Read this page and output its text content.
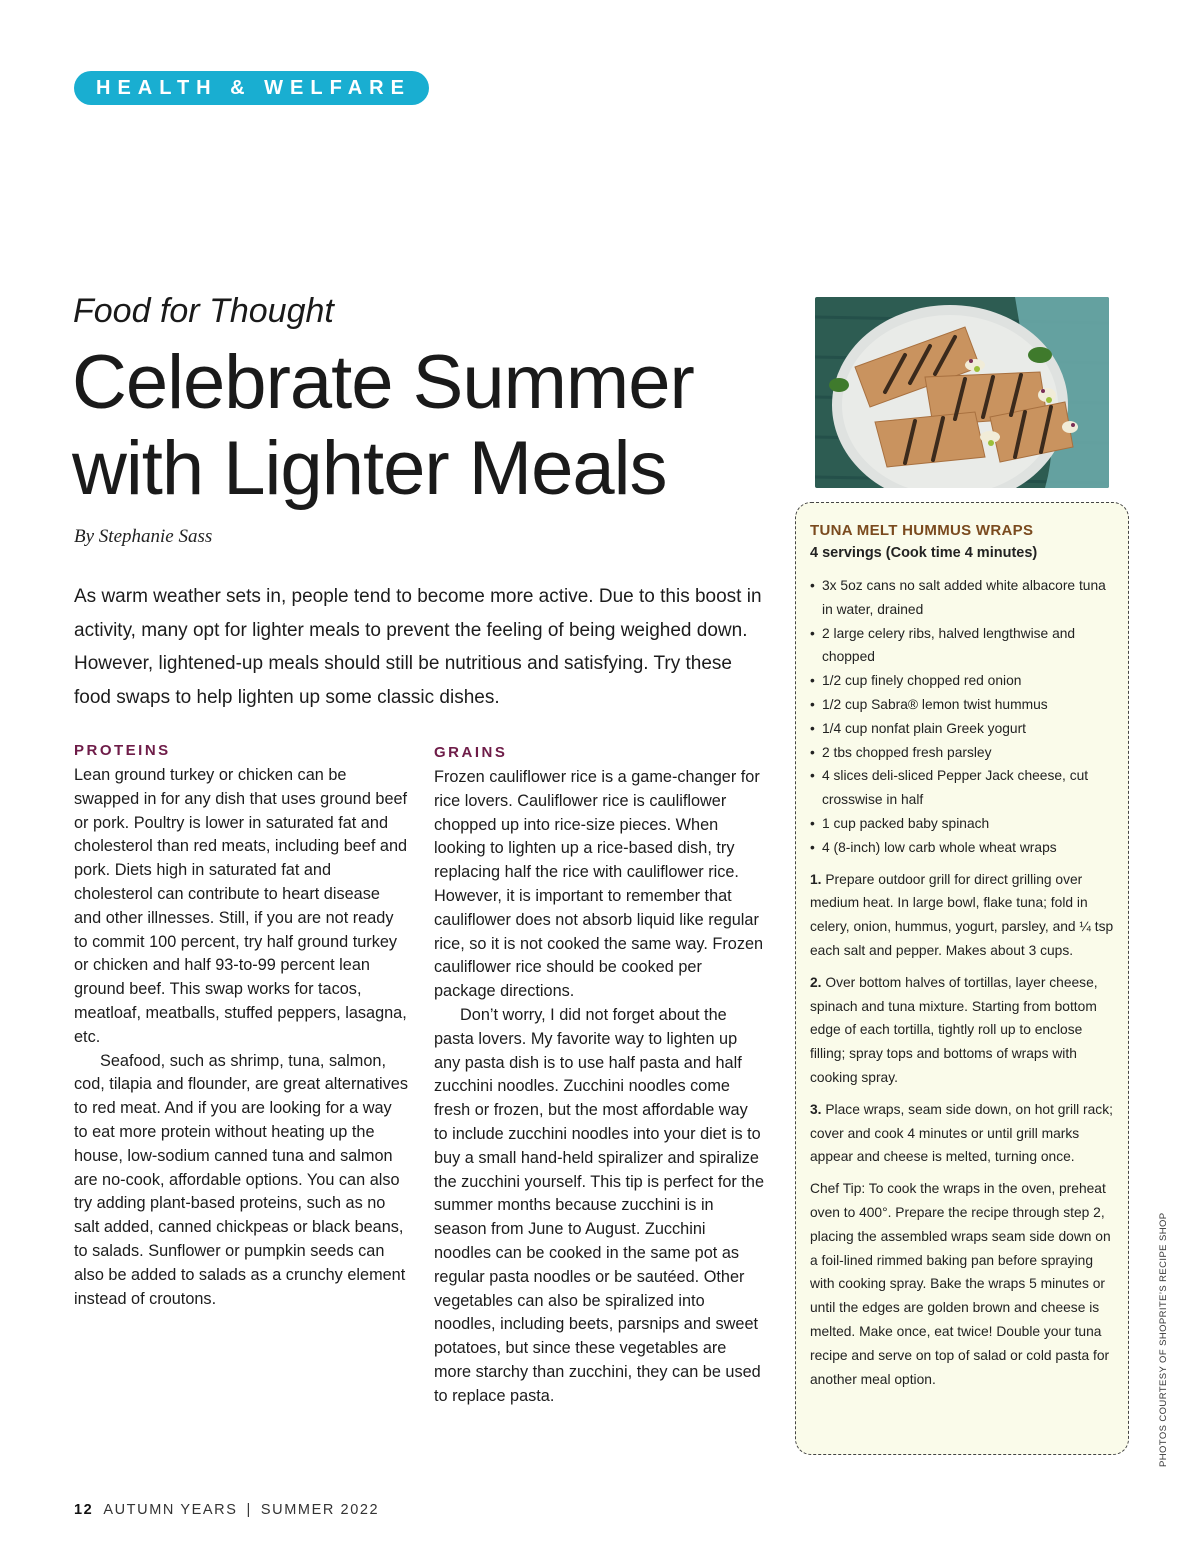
HEALTH & WELFARE
Food for Thought
Celebrate Summer with Lighter Meals
By Stephanie Sass

As warm weather sets in, people tend to become more active. Due to this boost in activity, many opt for lighter meals to prevent the feeling of being weighed down. However, lightened-up meals should still be nutritious and satisfying. Try these food swaps to help lighten up some classic dishes.

PROTEINS

Lean ground turkey or chicken can be swapped in for any dish that uses ground beef or pork. Poultry is lower in saturated fat and cholesterol than red meats, including beef and pork. Diets high in saturated fat and cholesterol can contribute to heart disease and other illnesses. Still, if you are not ready to commit 100 percent, try half ground turkey or chicken and half 93-to-99 percent lean ground beef. This swap works for tacos, meatloaf, meatballs, stuffed peppers, lasagna, etc.

Seafood, such as shrimp, tuna, salmon, cod, tilapia and flounder, are great alternatives to red meat. And if you are looking for a way to eat more protein without heating up the house, low-sodium canned tuna and salmon are no-cook, affordable options. You can also try adding plant-based proteins, such as no salt added, canned chickpeas or black beans, to salads. Sunflower or pumpkin seeds can also be added to salads as a crunchy element instead of croutons.

GRAINS

Frozen cauliflower rice is a game-changer for rice lovers. Cauliflower rice is cauliflower chopped up into rice-size pieces. When looking to lighten up a rice-based dish, try replacing half the rice with cauliflower rice. However, it is important to remember that cauliflower does not absorb liquid like regular rice, so it is not cooked the same way. Frozen cauliflower rice should be cooked per package directions.

Don’t worry, I did not forget about the pasta lovers. My favorite way to lighten up any pasta dish is to use half pasta and half zucchini noodles. Zucchini noodles come fresh or frozen, but the most affordable way to include zucchini noodles into your diet is to buy a small hand-held spiralizer and spiralize the zucchini yourself. This tip is perfect for the summer months because zucchini is in season from June to August. Zucchini noodles can be cooked in the same pot as regular pasta noodles or be sautéed. Other vegetables can also be spiralized into noodles, including beets, parsnips and sweet potatoes, but since these vegetables are more starchy than zucchini, they can be used to replace pasta.

TUNA MELT HUMMUS WRAPS
4 servings (Cook time 4 minutes)
• 3x 5oz cans no salt added white albacore tuna in water, drained
• 2 large celery ribs, halved lengthwise and chopped
• 1/2 cup finely chopped red onion
• 1/2 cup Sabra® lemon twist hummus
• 1/4 cup nonfat plain Greek yogurt
• 2 tbs chopped fresh parsley
• 4 slices deli-sliced Pepper Jack cheese, cut crosswise in half
• 1 cup packed baby spinach
• 4 (8-inch) low carb whole wheat wraps

1. Prepare outdoor grill for direct grilling over medium heat. In large bowl, flake tuna; fold in celery, onion, hummus, yogurt, parsley, and ¼ tsp each salt and pepper. Makes about 3 cups.

2. Over bottom halves of tortillas, layer cheese, spinach and tuna mixture. Starting from bottom edge of each tortilla, tightly roll up to enclose filling; spray tops and bottoms of wraps with cooking spray.

3. Place wraps, seam side down, on hot grill rack; cover and cook 4 minutes or until grill marks appear and cheese is melted, turning once.

Chef Tip: To cook the wraps in the oven, preheat oven to 400°. Prepare the recipe through step 2, placing the assembled wraps seam side down on a foil-lined rimmed baking pan before spraying with cooking spray. Bake the wraps 5 minutes or until the edges are golden brown and cheese is melted. Make once, eat twice! Double your tuna recipe and serve on top of salad or cold pasta for another meal option.	PHOTOS COURTESY OF SHOPRITE’S RECIPE SHOP
12 AUTUMN YEARS | SUMMER 2022
